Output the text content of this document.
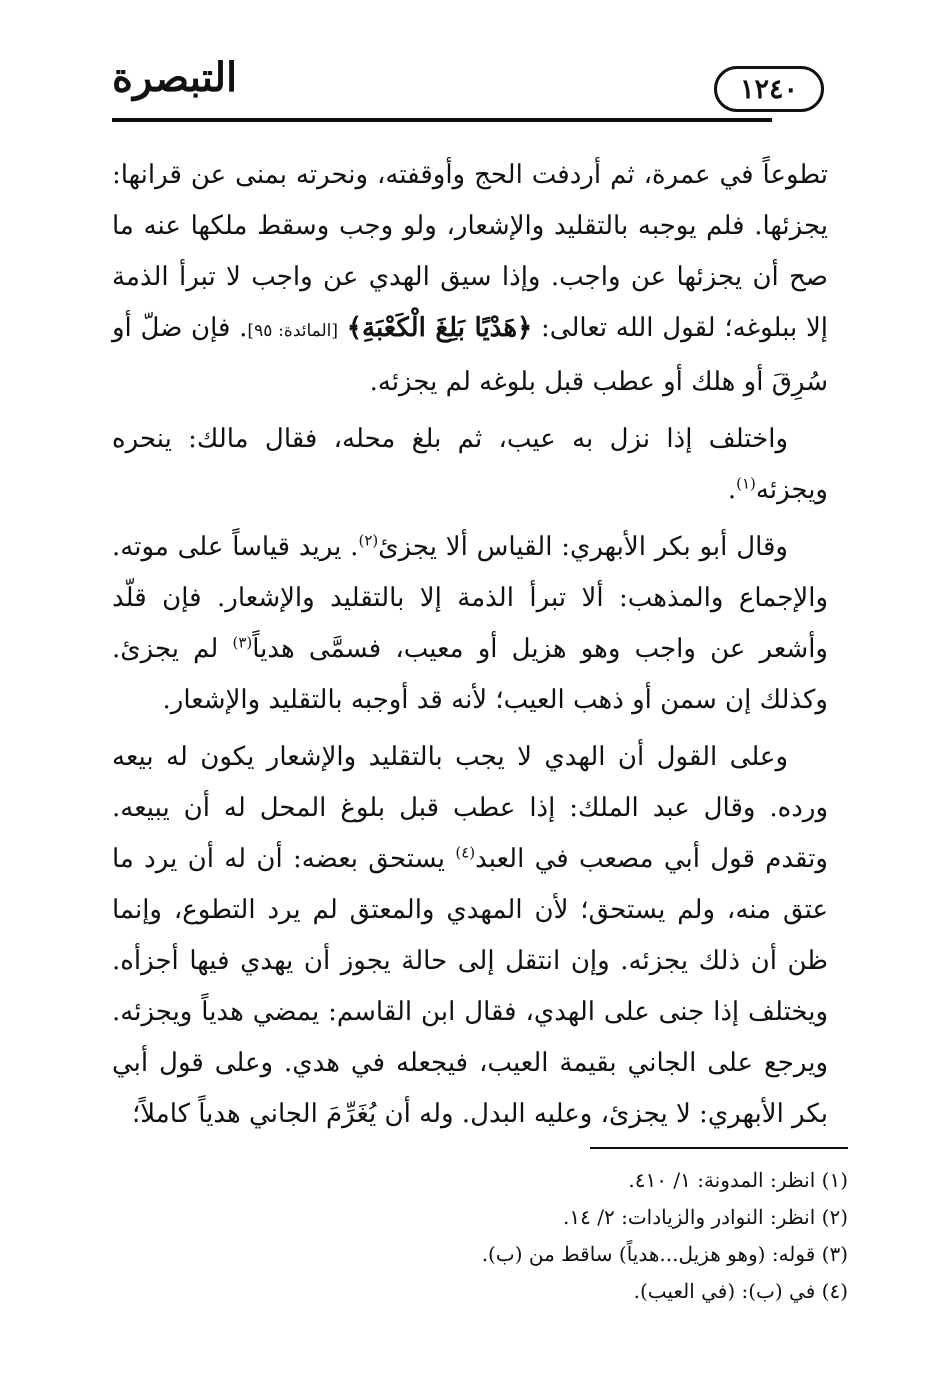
التبصرة	١٢٤٠

تطوعاً في عمرة، ثم أردفت الحج وأوقفته، ونحرته بمنى عن قرانها: يجزئها. فلم يوجبه بالتقليد والإشعار، ولو وجب وسقط ملكها عنه ما صح أن يجزئها عن واجب. وإذا سيق الهدي عن واجب لا تبرأ الذمة إلا ببلوغه؛ لقول الله تعالى: ﴿هَدْيًا بَلِغَ الْكَعْبَةِ﴾ [المائدة: ٩٥]. فإن ضلّ أو سُرِقَ أو هلك أو عطب قبل بلوغه لم يجزئه.

واختلف إذا نزل به عيب، ثم بلغ محله، فقال مالك: ينحره ويجزئه$^{(١)}$.

وقال أبو بكر الأبهري: القياس ألا يجزئ$^{(٢)}$. يريد قياساً على موته. والإجماع والمذهب: ألا تبرأ الذمة إلا بالتقليد والإشعار. فإن قلّد وأشعر عن واجب وهو هزيل أو معيب، فسمَّى هدياً$^{(٣)}$ لم يجزئ. وكذلك إن سمن أو ذهب العيب؛ لأنه قد أوجبه بالتقليد والإشعار.

وعلى القول أن الهدي لا يجب بالتقليد والإشعار يكون له بيعه ورده. وقال عبد الملك: إذا عطب قبل بلوغ المحل له أن يبيعه. وتقدم قول أبي مصعب في العبد$^{(٤)}$ يستحق بعضه: أن له أن يرد ما عتق منه، ولم يستحق؛ لأن المهدي والمعتق لم يرد التطوع، وإنما ظن أن ذلك يجزئه. وإن انتقل إلى حالة يجوز أن يهدي فيها أجزأه. ويختلف إذا جنى على الهدي، فقال ابن القاسم: يمضي هدياً ويجزئه. ويرجع على الجاني بقيمة العيب، فيجعله في هدي. وعلى قول أبي بكر الأبهري: لا يجزئ، وعليه البدل. وله أن يُغَرِّمَ الجاني هدياً كاملاً؛

(١) انظر: المدونة: ١/ ٤١٠.
(٢) انظر: النوادر والزيادات: ٢/ ١٤.
(٣) قوله: (وهو هزيل...هدياً) ساقط من (ب).
(٤) في (ب): (في العيب).
